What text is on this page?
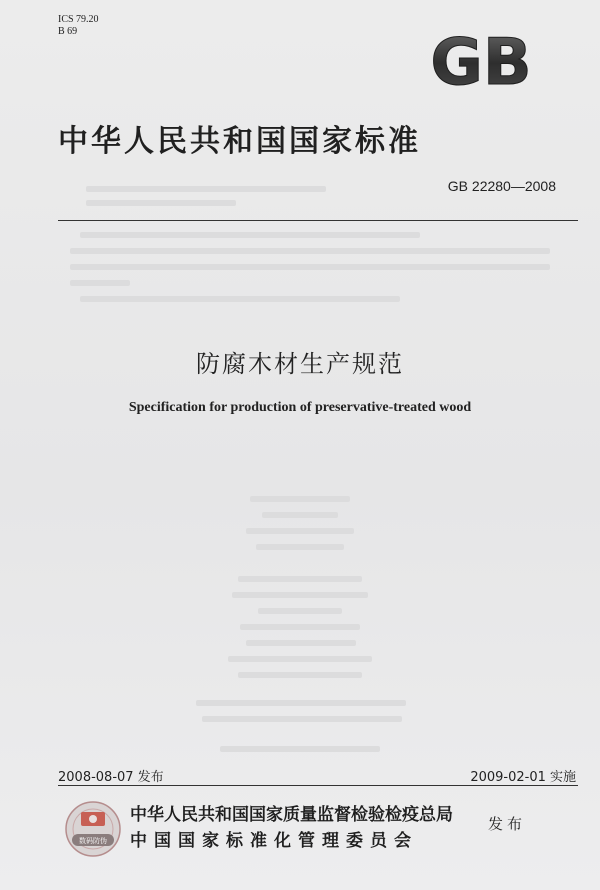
ICS 79.20
B 69	GB
中华人民共和国国家标准
GB 22280—2008
防腐木材生产规范
Specification for production of preservative-treated wood
2008-08-07 发布	2009-02-01 实施
数码防伪
中华人民共和国国家质量监督检验检疫总局
中国国家标准化管理委员会
发布
